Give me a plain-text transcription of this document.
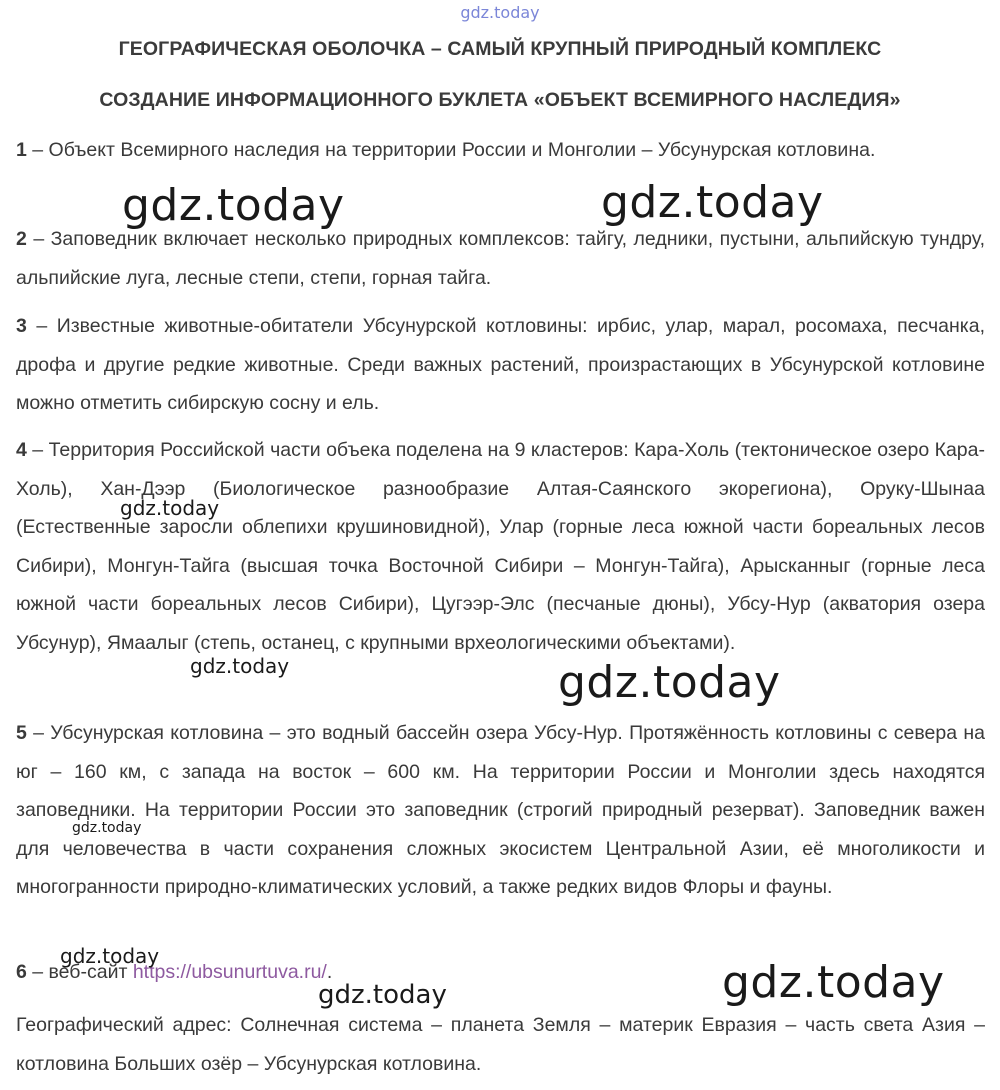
gdz.today
ГЕОГРАФИЧЕСКАЯ ОБОЛОЧКА – САМЫЙ КРУПНЫЙ ПРИРОДНЫЙ КОМПЛЕКС
СОЗДАНИЕ ИНФОРМАЦИОННОГО БУКЛЕТА «ОБЪЕКТ ВСЕМИРНОГО НАСЛЕДИЯ»

1 – Объект Всемирного наследия на территории России и Монголии – Убсунурская котловина.

2 – Заповедник включает несколько природных комплексов: тайгу, ледники, пустыни, альпийскую тундру, альпийские луга, лесные степи, степи, горная тайга.

3 – Известные животные-обитатели Убсунурской котловины: ирбис, улар, марал, росомаха, песчанка, дрофа и другие редкие животные. Среди важных растений, произрастающих в Убсунурской котловине можно отметить сибирскую сосну и ель.

4 – Территория Российской части объека поделена на 9 кластеров: Кара-Холь (тектоническое озеро Кара-Холь), Хан-Дээр (Биологическое разнообразие Алтая-Саянского экорегиона), Оруку-Шынаа (Естественные заросли облепихи крушиновидной), Улар (горные леса южной части бореальных лесов Сибири), Монгун-Тайга (высшая точка Восточной Сибири – Монгун-Тайга), Арысканныг (горные леса южной части бореальных лесов Сибири), Цугээр-Элс (песчаные дюны), Убсу-Нур (акватория озера Убсунур), Ямаалыг (степь, останец, с крупными врхеологическими объектами).

5 – Убсунурская котловина – это водный бассейн озера Убсу-Нур. Протяжённость котловины с севера на юг – 160 км, с запада на восток – 600 км. На территории России и Монголии здесь находятся заповедники. На территории России это заповедник (строгий природный резерват). Заповедник важен для человечества в части сохранения сложных экосистем Центральной Азии, её многоликости и многогранности природно-климатических условий, а также редких видов Флоры и фауны.

6 – веб-сайт https://ubsunurtuva.ru/.

Географический адрес: Солнечная система – планета Земля – материк Евразия – часть света Азия – котловина Больших озёр – Убсунурская котловина.

gdz.today	gdz.today
gdz.today
gdz.today	gdz.today
gdz.today
gdz.today
gdz.today	gdz.today
